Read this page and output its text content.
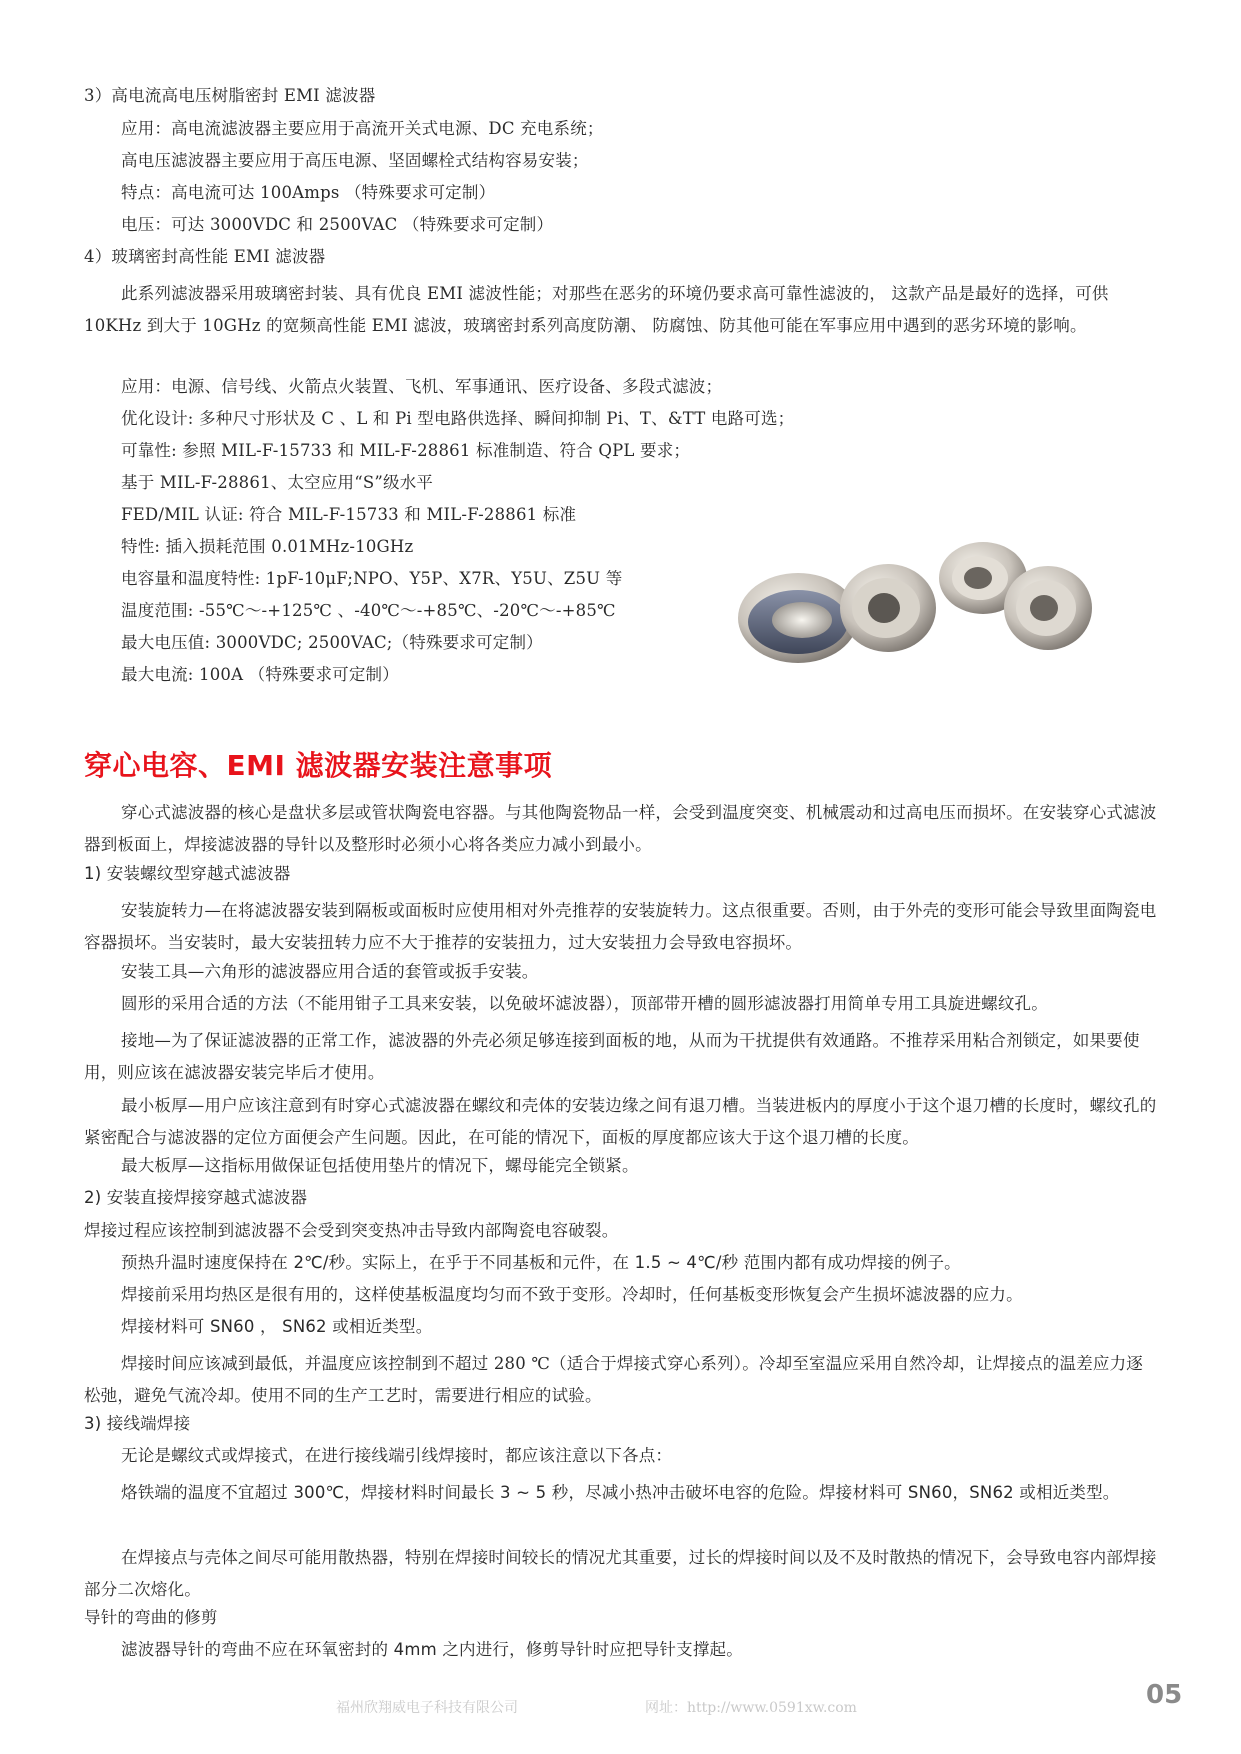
3）高电流高电压树脂密封 EMI 滤波器
应用：高电流滤波器主要应用于高流开关式电源、DC 充电系统；
高电压滤波器主要应用于高压电源、坚固螺栓式结构容易安装；
特点：高电流可达 100Amps （特殊要求可定制）
电压：可达 3000VDC 和 2500VAC （特殊要求可定制）
4）玻璃密封高性能 EMI 滤波器
此系列滤波器采用玻璃密封装、具有优良 EMI 滤波性能；对那些在恶劣的环境仍要求高可靠性滤波的， 这款产品是最好的选择，可供 10KHz 到大于 10GHz 的宽频高性能 EMI 滤波，玻璃密封系列高度防潮、 防腐蚀、防其他可能在军事应用中遇到的恶劣环境的影响。
应用：电源、信号线、火箭点火装置、飞机、军事通讯、医疗设备、多段式滤波；
优化设计: 多种尺寸形状及 C 、L 和 Pi 型电路供选择、瞬间抑制 Pi、T、&TT 电路可选；
可靠性: 参照 MIL-F-15733 和 MIL-F-28861 标准制造、符合 QPL 要求；
基于 MIL-F-28861、太空应用“S”级水平
FED/MIL 认证: 符合 MIL-F-15733 和 MIL-F-28861 标准
特性: 插入损耗范围 0.01MHz-10GHz
电容量和温度特性: 1pF-10μF;NPO、Y5P、X7R、Y5U、Z5U 等
温度范围: -55℃～-+125℃ 、-40℃～-+85℃、-20℃～-+85℃
最大电压值: 3000VDC; 2500VAC;（特殊要求可定制）
最大电流: 100A （特殊要求可定制）
穿心电容、EMI 滤波器安装注意事项
穿心式滤波器的核心是盘状多层或管状陶瓷电容器。与其他陶瓷物品一样，会受到温度突变、机械震动和过高电压而损坏。在安装穿心式滤波器到板面上，焊接滤波器的导针以及整形时必须小心将各类应力减小到最小。
1) 安装螺纹型穿越式滤波器
安装旋转力—在将滤波器安装到隔板或面板时应使用相对外壳推荐的安装旋转力。这点很重要。否则，由于外壳的变形可能会导致里面陶瓷电容器损坏。当安装时，最大安装扭转力应不大于推荐的安装扭力，过大安装扭力会导致电容损坏。
安装工具—六角形的滤波器应用合适的套管或扳手安装。
圆形的采用合适的方法（不能用钳子工具来安装，以免破坏滤波器），顶部带开槽的圆形滤波器打用简单专用工具旋进螺纹孔。
接地—为了保证滤波器的正常工作，滤波器的外壳必须足够连接到面板的地，从而为干扰提供有效通路。不推荐采用粘合剂锁定，如果要使用，则应该在滤波器安装完毕后才使用。
最小板厚—用户应该注意到有时穿心式滤波器在螺纹和壳体的安装边缘之间有退刀槽。当装进板内的厚度小于这个退刀槽的长度时，螺纹孔的紧密配合与滤波器的定位方面便会产生问题。因此，在可能的情况下，面板的厚度都应该大于这个退刀槽的长度。
最大板厚—这指标用做保证包括使用垫片的情况下，螺母能完全锁紧。
2) 安装直接焊接穿越式滤波器
焊接过程应该控制到滤波器不会受到突变热冲击导致内部陶瓷电容破裂。
预热升温时速度保持在 2℃/秒。实际上，在乎于不同基板和元件，在 1.5 ~ 4℃/秒 范围内都有成功焊接的例子。
焊接前采用均热区是很有用的，这样使基板温度均匀而不致于变形。冷却时，任何基板变形恢复会产生损坏滤波器的应力。
焊接材料可 SN60 ， SN62 或相近类型。
焊接时间应该减到最低，并温度应该控制到不超过 280 ℃（适合于焊接式穿心系列）。冷却至室温应采用自然冷却，让焊接点的温差应力逐松弛，避免气流冷却。使用不同的生产工艺时，需要进行相应的试验。
3) 接线端焊接
无论是螺纹式或焊接式，在进行接线端引线焊接时，都应该注意以下各点：
烙铁端的温度不宜超过 300℃，焊接材料时间最长 3 ~ 5 秒，尽减小热冲击破坏电容的危险。焊接材料可 SN60，SN62 或相近类型。
在焊接点与壳体之间尽可能用散热器，特别在焊接时间较长的情况尤其重要，过长的焊接时间以及不及时散热的情况下，会导致电容内部焊接部分二次熔化。
导针的弯曲的修剪
滤波器导针的弯曲不应在环氧密封的 4mm 之内进行，修剪导针时应把导针支撑起。
福州欣翔威电子科技有限公司	网址：http://www.0591xw.com	05
